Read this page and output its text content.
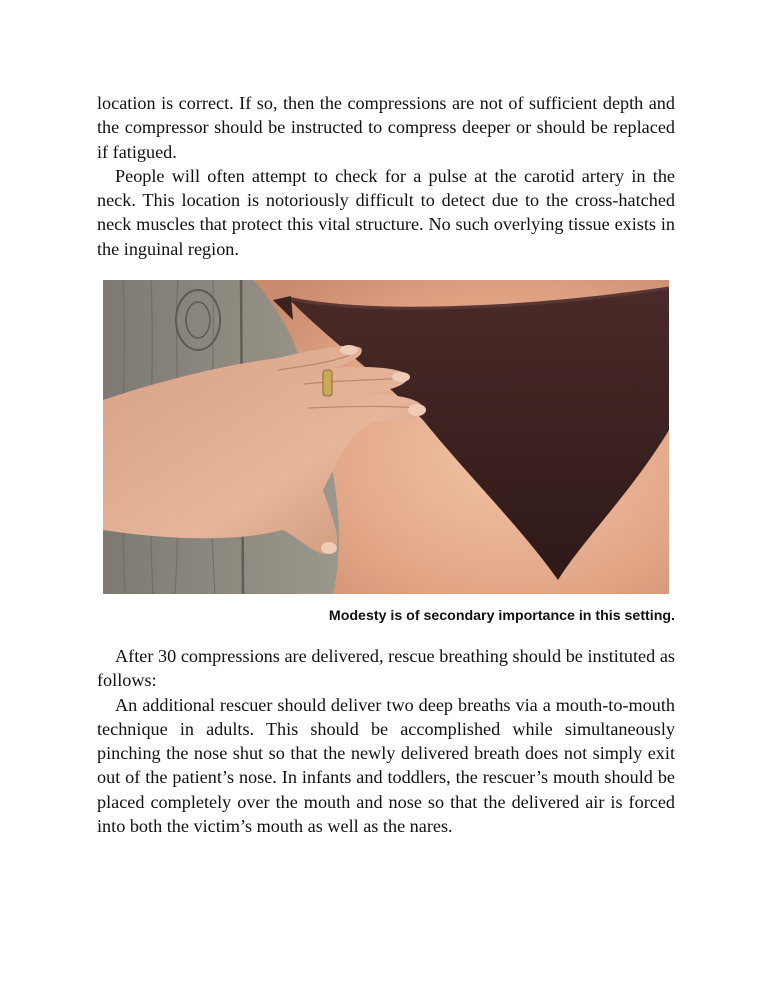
location is correct. If so, then the compressions are not of sufficient depth and the compressor should be instructed to compress deeper or should be replaced if fatigued.

People will often attempt to check for a pulse at the carotid artery in the neck. This location is notoriously difficult to detect due to the cross-hatched neck muscles that protect this vital structure. No such overlying tissue exists in the inguinal region.

Modesty is of secondary importance in this setting.

After 30 compressions are delivered, rescue breathing should be instituted as follows:

An additional rescuer should deliver two deep breaths via a mouth-to-mouth technique in adults. This should be accomplished while simultaneously pinching the nose shut so that the newly delivered breath does not simply exit out of the patient’s nose. In infants and toddlers, the rescuer’s mouth should be placed completely over the mouth and nose so that the delivered air is forced into both the victim’s mouth as well as the nares.
